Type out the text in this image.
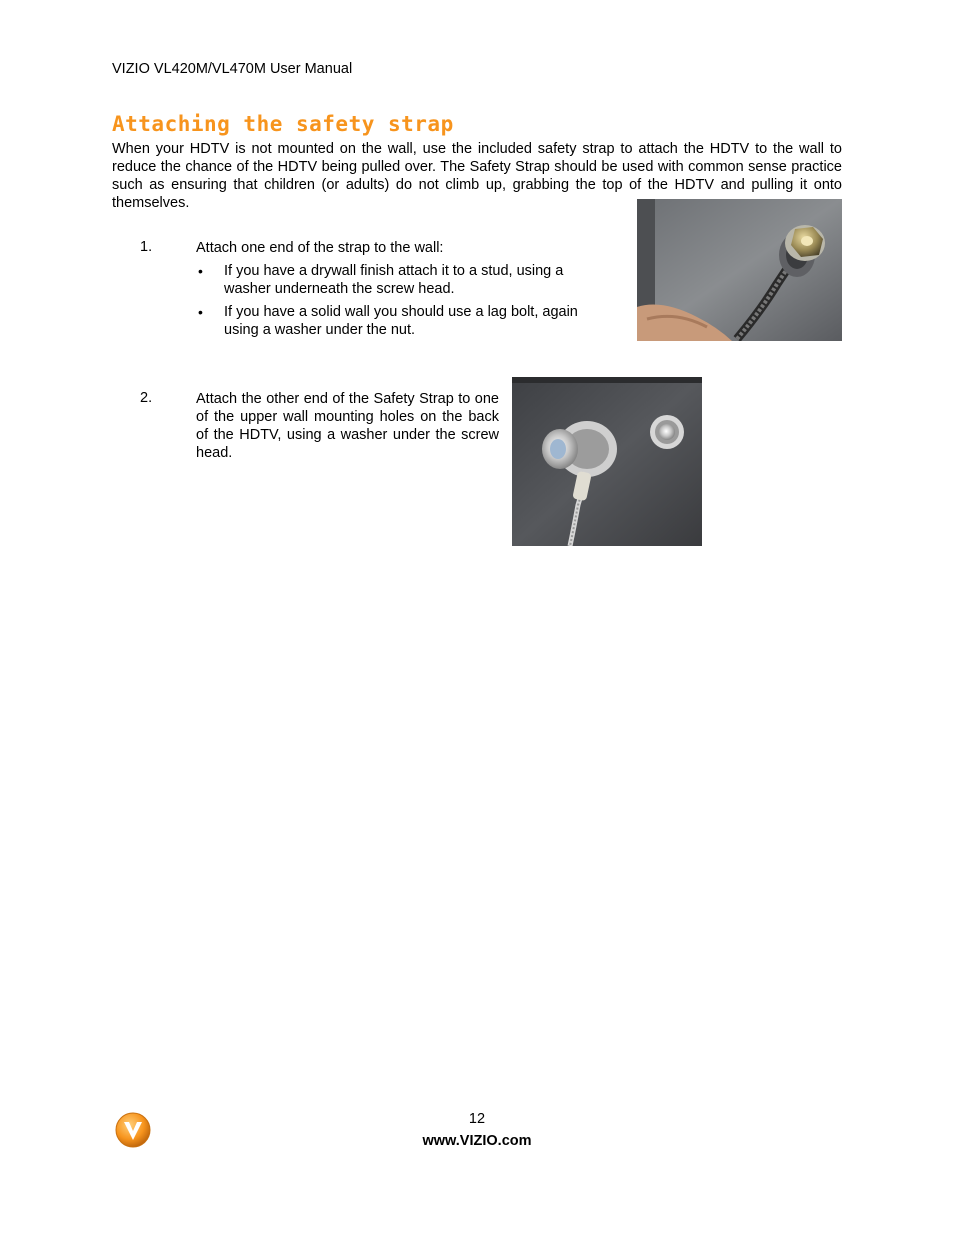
VIZIO VL420M/VL470M User Manual
Attaching the safety strap
When your HDTV is not mounted on the wall, use the included safety strap to attach the HDTV to the wall to reduce the chance of the HDTV being pulled over. The Safety Strap should be used with common sense practice such as ensuring that children (or adults) do not climb up, grabbing the top of the HDTV and pulling it onto themselves.
1.	Attach one end of the strap to the wall:
• If you have a drywall finish attach it to a stud, using a washer underneath the screw head.
• If you have a solid wall you should use a lag bolt, again using a washer under the nut.
2.	Attach the other end of the Safety Strap to one of the upper wall mounting holes on the back of the HDTV, using a washer under the screw head.
12
www.VIZIO.com
